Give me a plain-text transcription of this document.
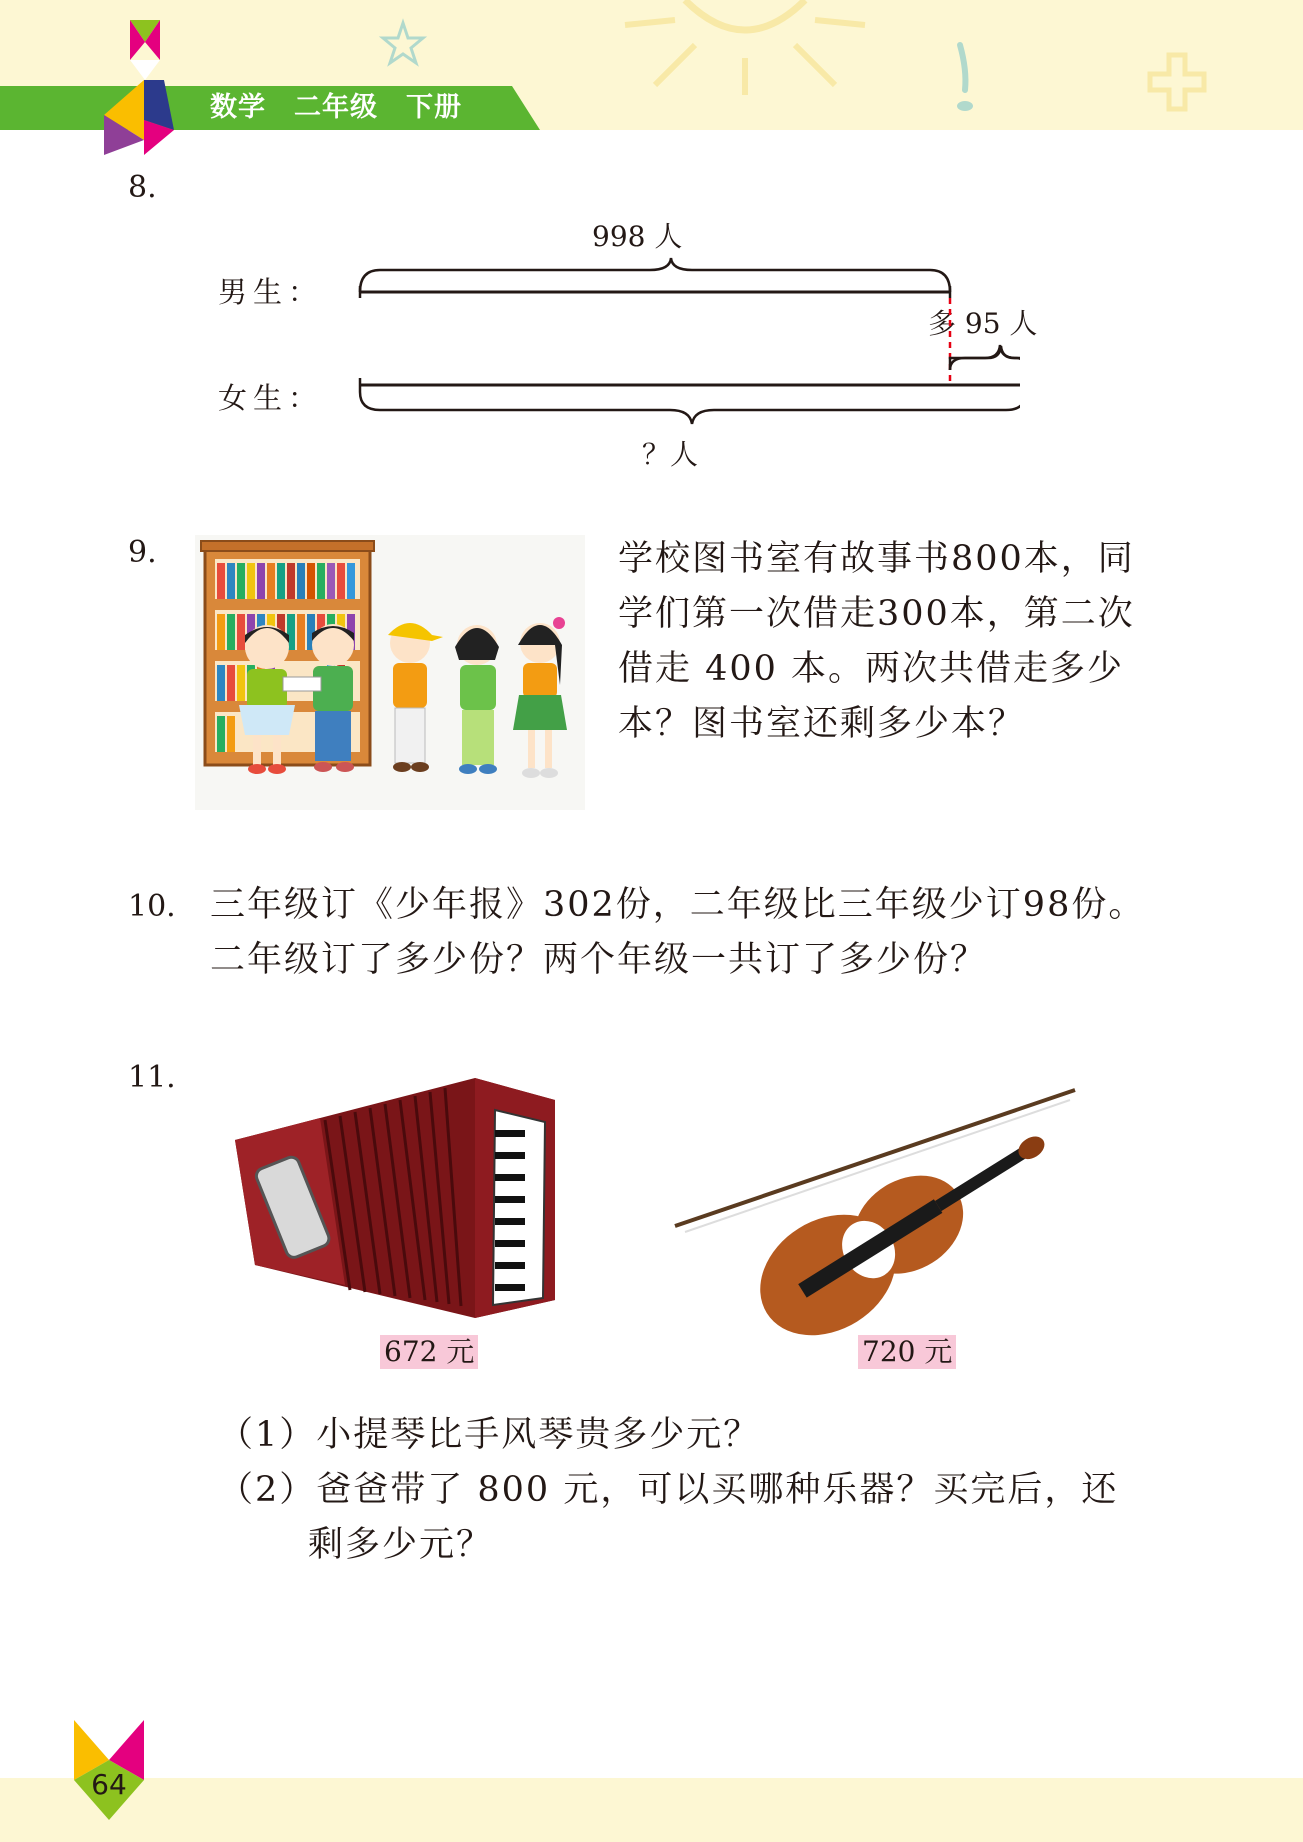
数学　二年级　下册
8.
男生：
女生：
998 人
多 95 人
？人
9.	学校图书室有故事书800本，同
学们第一次借走300本，第二次
借走 400 本。两次共借走多少
本？图书室还剩多少本？
10. 三年级订《少年报》302份，二年级比三年级少订98份。
二年级订了多少份？两个年级一共订了多少份？
11.
672 元	720 元
（1）小提琴比手风琴贵多少元？
（2）爸爸带了 800 元，可以买哪种乐器？买完后，还
剩多少元？
64
